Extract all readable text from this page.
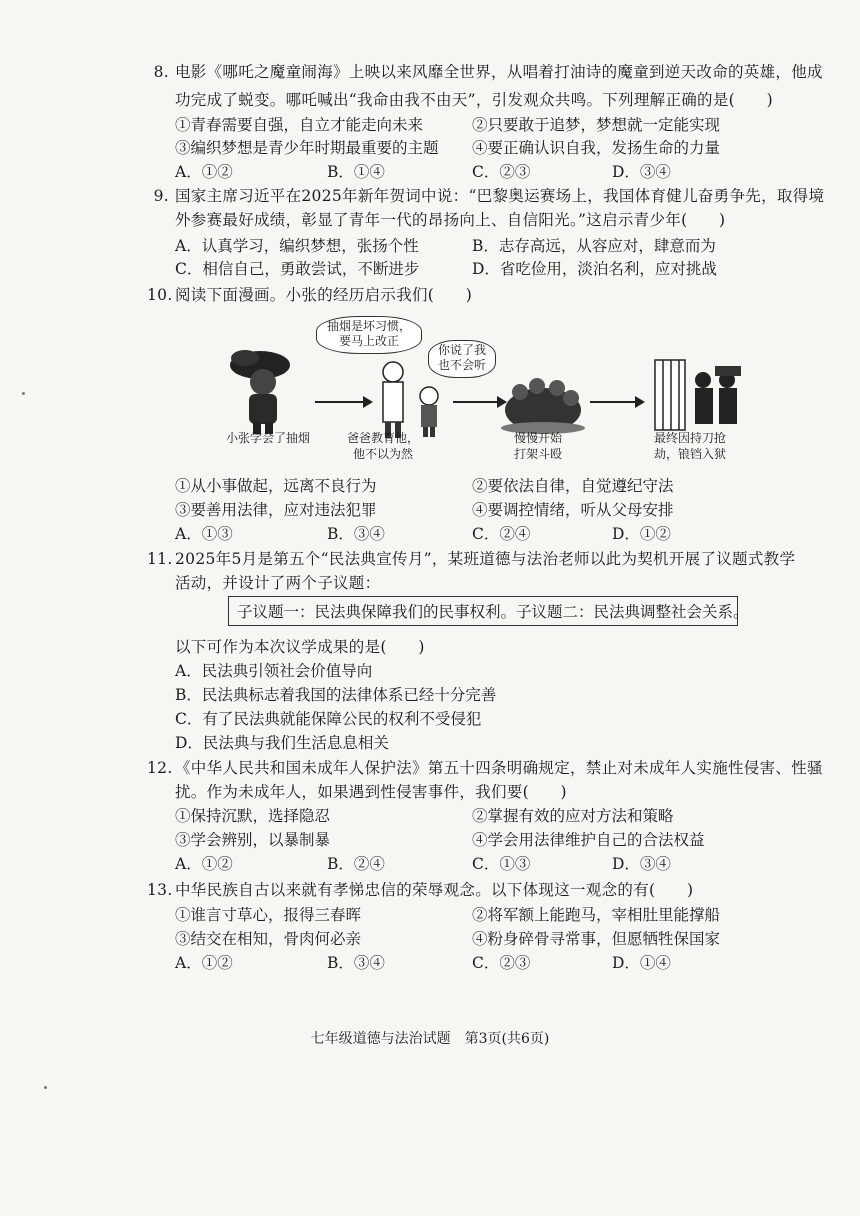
8. 电影《哪吒之魔童闹海》上映以来风靡全世界，从唱着打油诗的魔童到逆天改命的英雄，他成
功完成了蜕变。哪吒喊出“我命由我不由天”，引发观众共鸣。下列理解正确的是(　　)
①青春需要自强，自立才能走向未来	②只要敢于追梦，梦想就一定能实现
③编织梦想是青少年时期最重要的主题 ④要正确认识自我，发扬生命的力量
A．①②	B．①④	C．②③	D．③④
9. 国家主席习近平在2025年新年贺词中说：“巴黎奥运赛场上，我国体育健儿奋勇争先，取得境
外参赛最好成绩，彰显了青年一代的昂扬向上、自信阳光。”这启示青少年(　　)
A．认真学习，编织梦想，张扬个性	B．志存高远，从容应对，肆意而为
C．相信自己，勇敢尝试，不断进步	D．省吃俭用，淡泊名利，应对挑战
10. 阅读下面漫画。小张的经历启示我们(　　)
抽烟是坏习惯，
要马上改正
你说了我
也不会听
小张学会了抽烟	爸爸教育他，
他不以为然
慢慢开始
打架斗殴
最终因持刀抢
劫，锒铛入狱
①从小事做起，远离不良行为	②要依法自律，自觉遵纪守法
③要善用法律，应对违法犯罪	④要调控情绪，听从父母安排
A．①③	B．③④	C．②④	D．①②
11. 2025年5月是第五个“民法典宣传月”，某班道德与法治老师以此为契机开展了议题式教学
活动，并设计了两个子议题：
子议题一：民法典保障我们的民事权利。子议题二：民法典调整社会关系。
以下可作为本次议学成果的是(　　)
A．民法典引领社会价值导向
B．民法典标志着我国的法律体系已经十分完善
C．有了民法典就能保障公民的权利不受侵犯
D．民法典与我们生活息息相关
12. 《中华人民共和国未成年人保护法》第五十四条明确规定，禁止对未成年人实施性侵害、性骚
扰。作为未成年人，如果遇到性侵害事件，我们要(　　)
①保持沉默，选择隐忍	②掌握有效的应对方法和策略
③学会辨别，以暴制暴	④学会用法律维护自己的合法权益
A．①②	B．②④	C．①③	D．③④
13. 中华民族自古以来就有孝悌忠信的荣辱观念。以下体现这一观念的有(　　)
①谁言寸草心，报得三春晖	②将军额上能跑马，宰相肚里能撑船
③结交在相知，骨肉何必亲	④粉身碎骨寻常事，但愿牺牲保国家
A．①②	B．③④	C．②③	D．①④
七年级道德与法治试题　第3页(共6页)
